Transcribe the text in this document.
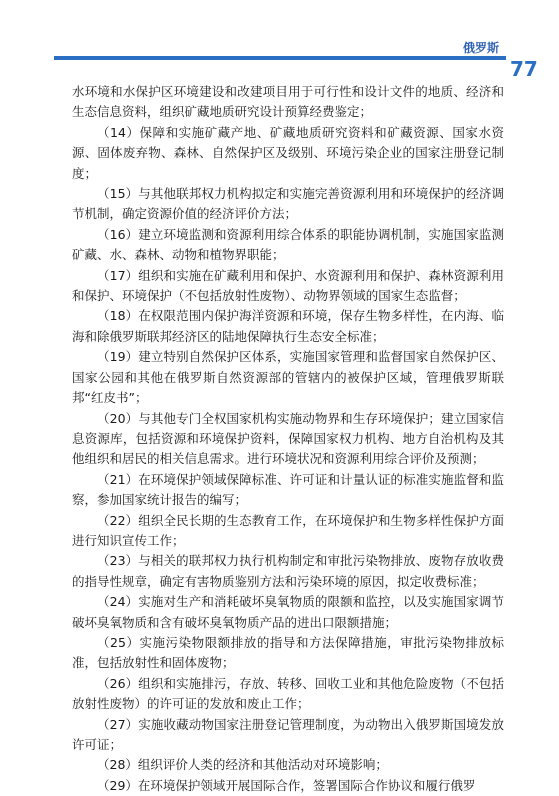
俄罗斯
77

水环境和水保护区环境建设和改建项目用于可行性和设计文件的地质、经济和生态信息资料，组织矿藏地质研究设计预算经费鉴定；

（14）保障和实施矿藏产地、矿藏地质研究资料和矿藏资源、国家水资源、固体废弃物、森林、自然保护区及级别、环境污染企业的国家注册登记制度；

（15）与其他联邦权力机构拟定和实施完善资源利用和环境保护的经济调节机制，确定资源价值的经济评价方法；

（16）建立环境监测和资源利用综合体系的职能协调机制，实施国家监测矿藏、水、森林、动物和植物界职能；

（17）组织和实施在矿藏利用和保护、水资源利用和保护、森林资源利用和保护、环境保护（不包括放射性废物）、动物界领域的国家生态监督；

（18）在权限范围内保护海洋资源和环境，保存生物多样性，在内海、临海和除俄罗斯联邦经济区的陆地保障执行生态安全标准；

（19）建立特别自然保护区体系，实施国家管理和监督国家自然保护区、国家公园和其他在俄罗斯自然资源部的管辖内的被保护区域，管理俄罗斯联邦“红皮书”；

（20）与其他专门全权国家机构实施动物界和生存环境保护；建立国家信息资源库，包括资源和环境保护资料，保障国家权力机构、地方自治机构及其他组织和居民的相关信息需求。进行环境状况和资源利用综合评价及预测；

（21）在环境保护领域保障标准、许可证和计量认证的标准实施监督和监察，参加国家统计报告的编写；

（22）组织全民长期的生态教育工作，在环境保护和生物多样性保护方面进行知识宣传工作；

（23）与相关的联邦权力执行机构制定和审批污染物排放、废物存放收费的指导性规章，确定有害物质鉴别方法和污染环境的原因，拟定收费标准；

（24）实施对生产和消耗破坏臭氧物质的限额和监控，以及实施国家调节破坏臭氧物质和含有破坏臭氧物质产品的进出口限额措施；

（25）实施污染物限额排放的指导和方法保障措施，审批污染物排放标准，包括放射性和固体废物；

（26）组织和实施排污，存放、转移、回收工业和其他危险废物（不包括放射性废物）的许可证的发放和废止工作；

（27）实施收藏动物国家注册登记管理制度，为动物出入俄罗斯国境发放许可证；

（28）组织评价人类的经济和其他活动对环境影响；

（29）在环境保护领域开展国际合作，签署国际合作协议和履行俄罗
